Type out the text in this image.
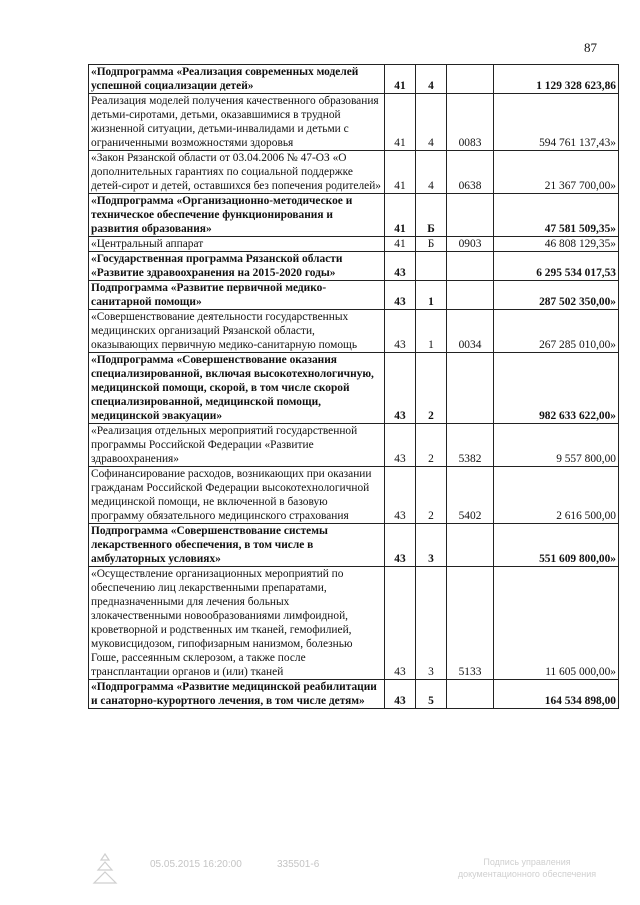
87
«Подпрограмма «Реализация современных моделей успешной социализации детей»	41	4		1 129 328 623,86
Реализация моделей получения качественного образования детьми-сиротами, детьми, оказавшимися в трудной жизненной ситуации, детьми-инвалидами и детьми с ограниченными возможностями здоровья	41	4	0083	594 761 137,43»
«Закон Рязанской области от 03.04.2006 № 47-ОЗ «О дополнительных гарантиях по социальной поддержке детей-сирот и детей, оставшихся без попечения родителей»	41	4	0638	21 367 700,00»
«Подпрограмма «Организационно-методическое и техническое обеспечение функционирования и развития образования»	41	Б		47 581 509,35»
«Центральный аппарат	41	Б	0903	46 808 129,35»
«Государственная программа Рязанской области «Развитие здравоохранения на 2015-2020 годы»	43			6 295 534 017,53
Подпрограмма «Развитие первичной медико-санитарной помощи»	43	1		287 502 350,00»
«Совершенствование деятельности государственных медицинских организаций Рязанской области, оказывающих первичную медико-санитарную помощь	43	1	0034	267 285 010,00»
«Подпрограмма «Совершенствование оказания специализированной, включая высокотехнологичную, медицинской помощи, скорой, в том числе скорой специализированной, медицинской помощи, медицинской эвакуации»	43	2		982 633 622,00»
«Реализация отдельных мероприятий государственной программы Российской Федерации «Развитие здравоохранения»	43	2	5382	9 557 800,00
Софинансирование расходов, возникающих при оказании гражданам Российской Федерации высокотехнологичной медицинской помощи, не включенной в базовую программу обязательного медицинского страхования	43	2	5402	2 616 500,00
Подпрограмма «Совершенствование системы лекарственного обеспечения, в том числе в амбулаторных условиях»	43	3		551 609 800,00»
«Осуществление организационных мероприятий по обеспечению лиц лекарственными препаратами, предназначенными для лечения больных злокачественными новообразованиями лимфоидной, кроветворной и родственных им тканей, гемофилией, муковисцидозом, гипофизарным нанизмом, болезнью Гоше, рассеянным склерозом, а также после трансплантации органов и (или) тканей	43	3	5133	11 605 000,00»
«Подпрограмма «Развитие медицинской реабилитации и санаторно-курортного лечения, в том числе детям»	43	5		164 534 898,00
05.05.2015 16:20:00	335501-6	Подпись управления документационного обеспечения
